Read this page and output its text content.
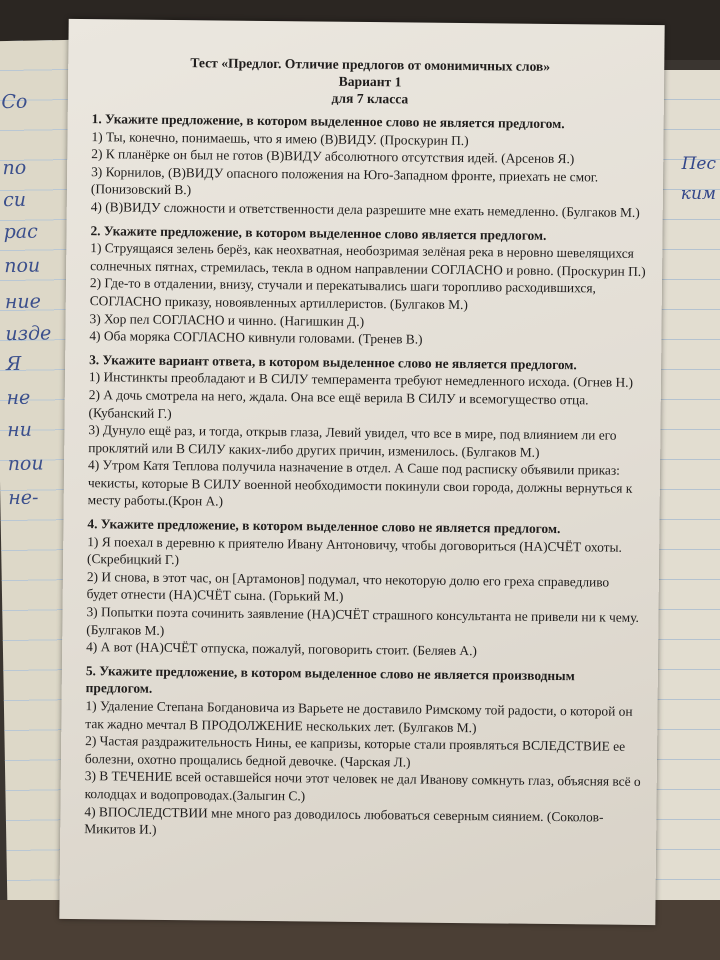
Со
по
си
рас
пои
ние
изде
Я
не
ни
пои
не-
Пес
ким
Тест «Предлог. Отличие предлогов от омонимичных слов»
Вариант 1
для 7 класса
1. Укажите предложение, в котором выделенное слово не является предлогом.
1) Ты, конечно, понимаешь, что я имею (В)ВИДУ. (Проскурин П.)
2) К планёрке он был не готов (В)ВИДУ абсолютного отсутствия идей. (Арсенов Я.)
3) Корнилов, (В)ВИДУ опасного положения на Юго-Западном фронте, приехать не смог. (Понизовский В.)
4) (В)ВИДУ сложности и ответственности дела разрешите мне ехать немедленно. (Булгаков М.)
2. Укажите предложение, в котором выделенное слово является предлогом.
1) Струящаяся зелень берёз, как неохватная, необозримая зелёная река в неровно шевелящихся солнечных пятнах, стремилась, текла в одном направлении СОГЛАСНО и ровно. (Проскурин П.)
2) Где-то в отдалении, внизу, стучали и перекатывались шаги торопливо расходившихся, СОГЛАСНО приказу, новоявленных артиллеристов. (Булгаков М.)
3) Хор пел СОГЛАСНО и чинно. (Нагишкин Д.)
4) Оба моряка СОГЛАСНО кивнули головами. (Тренев В.)
3. Укажите вариант ответа, в котором выделенное слово не является предлогом.
1) Инстинкты преобладают и В СИЛУ темперамента требуют немедленного исхода. (Огнев Н.)
2) А дочь смотрела на него, ждала. Она все ещё верила В СИЛУ и всемогущество отца. (Кубанский Г.)
3) Дунуло ещё раз, и тогда, открыв глаза, Левий увидел, что все в мире, под влиянием ли его проклятий или В СИЛУ каких-либо других причин, изменилось. (Булгаков М.)
4) Утром Катя Теплова получила назначение в отдел. А Саше под расписку объявили приказ: чекисты, которые В СИЛУ военной необходимости покинули свои города, должны вернуться к месту работы.(Крон А.)
4. Укажите предложение, в котором выделенное слово не является предлогом.
1) Я поехал в деревню к приятелю Ивану Антоновичу, чтобы договориться (НА)СЧЁТ охоты.(Скребицкий Г.)
2) И снова, в этот час, он [Артамонов] подумал, что некоторую долю его греха справедливо будет отнести (НА)СЧЁТ сына. (Горький М.)
3) Попытки поэта сочинить заявление (НА)СЧЁТ страшного консультанта не привели ни к чему. (Булгаков М.)
4) А вот (НА)СЧЁТ отпуска, пожалуй, поговорить стоит. (Беляев А.)
5. Укажите предложение, в котором выделенное слово не является производным предлогом.
1) Удаление Степана Богдановича из Варьете не доставило Римскому той радости, о которой он так жадно мечтал В ПРОДОЛЖЕНИЕ нескольких лет. (Булгаков М.)
2) Частая раздражительность Нины, ее капризы, которые стали проявляться ВСЛЕДСТВИЕ ее болезни, охотно прощались бедной девочке. (Чарская Л.)
3) В ТЕЧЕНИЕ всей оставшейся ночи этот человек не дал Иванову сомкнуть глаз, объясняя всё о колодцах и водопроводах.(Залыгин С.)
4) ВПОСЛЕДСТВИИ мне много раз доводилось любоваться северным сиянием. (Соколов-Микитов И.)
